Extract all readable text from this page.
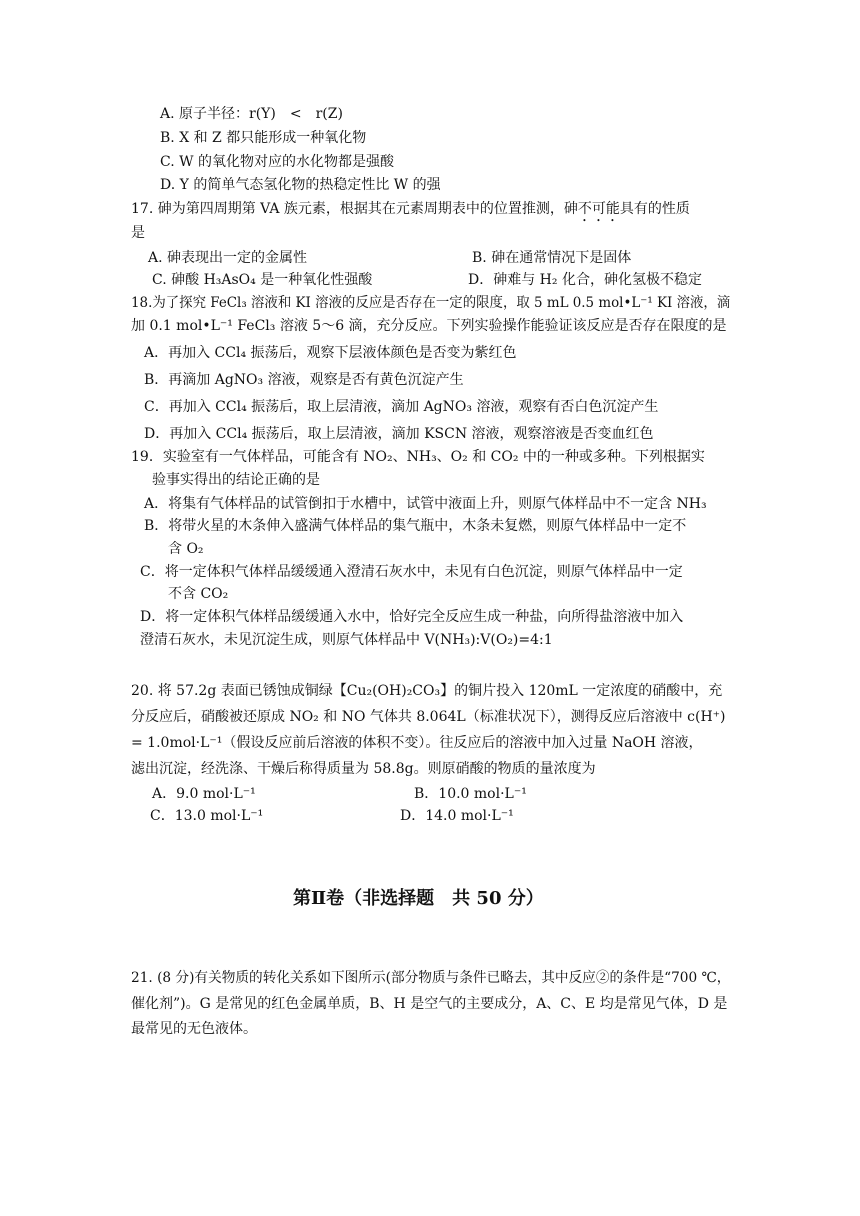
A. 原子半径：r(Y)　<　r(Z)
B. X 和 Z 都只能形成一种氧化物
C. W 的氧化物对应的水化物都是强酸
D. Y 的简单气态氢化物的热稳定性比 W 的强
17. 砷为第四周期第 VA 族元素，根据其在元素周期表中的位置推测，砷不可能具有的性质
是
A. 砷表现出一定的金属性	B. 砷在通常情况下是固体
C. 砷酸 H₃AsO₄ 是一种氧化性强酸	D．砷难与 H₂ 化合，砷化氢极不稳定
18.为了探究 FeCl₃ 溶液和 KI 溶液的反应是否存在一定的限度，取 5 mL 0.5 mol•L⁻¹ KI 溶液，滴
加 0.1 mol•L⁻¹ FeCl₃ 溶液 5～6 滴，充分反应。下列实验操作能验证该反应是否存在限度的是
A．再加入 CCl₄ 振荡后，观察下层液体颜色是否变为紫红色
B．再滴加 AgNO₃ 溶液，观察是否有黄色沉淀产生
C．再加入 CCl₄ 振荡后，取上层清液，滴加 AgNO₃ 溶液，观察有否白色沉淀产生
D．再加入 CCl₄ 振荡后，取上层清液，滴加 KSCN 溶液，观察溶液是否变血红色
19．实验室有一气体样品，可能含有 NO₂、NH₃、O₂ 和 CO₂ 中的一种或多种。下列根据实
验事实得出的结论正确的是
A．将集有气体样品的试管倒扣于水槽中，试管中液面上升，则原气体样品中不一定含 NH₃
B．将带火星的木条伸入盛满气体样品的集气瓶中，木条未复燃，则原气体样品中一定不
含 O₂
C．将一定体积气体样品缓缓通入澄清石灰水中，未见有白色沉淀，则原气体样品中一定
不含 CO₂
D．将一定体积气体样品缓缓通入水中，恰好完全反应生成一种盐，向所得盐溶液中加入
澄清石灰水，未见沉淀生成，则原气体样品中 V(NH₃):V(O₂)=4:1
20. 将 57.2g 表面已锈蚀成铜绿【Cu₂(OH)₂CO₃】的铜片投入 120mL 一定浓度的硝酸中，充
分反应后，硝酸被还原成 NO₂ 和 NO 气体共 8.064L（标准状况下），测得反应后溶液中 c(H⁺)
= 1.0mol·L⁻¹（假设反应前后溶液的体积不变）。往反应后的溶液中加入过量 NaOH 溶液，
滤出沉淀，经洗涤、干燥后称得质量为 58.8g。则原硝酸的物质的量浓度为
A．9.0 mol·L⁻¹	B．10.0 mol·L⁻¹
C．13.0 mol·L⁻¹	D．14.0 mol·L⁻¹
第Ⅱ卷（非选择题　共 50 分）
21. (8 分)有关物质的转化关系如下图所示(部分物质与条件已略去，其中反应②的条件是“700 ℃，
催化剂”)。G 是常见的红色金属单质，B、H 是空气的主要成分，A、C、E 均是常见气体，D 是
最常见的无色液体。
